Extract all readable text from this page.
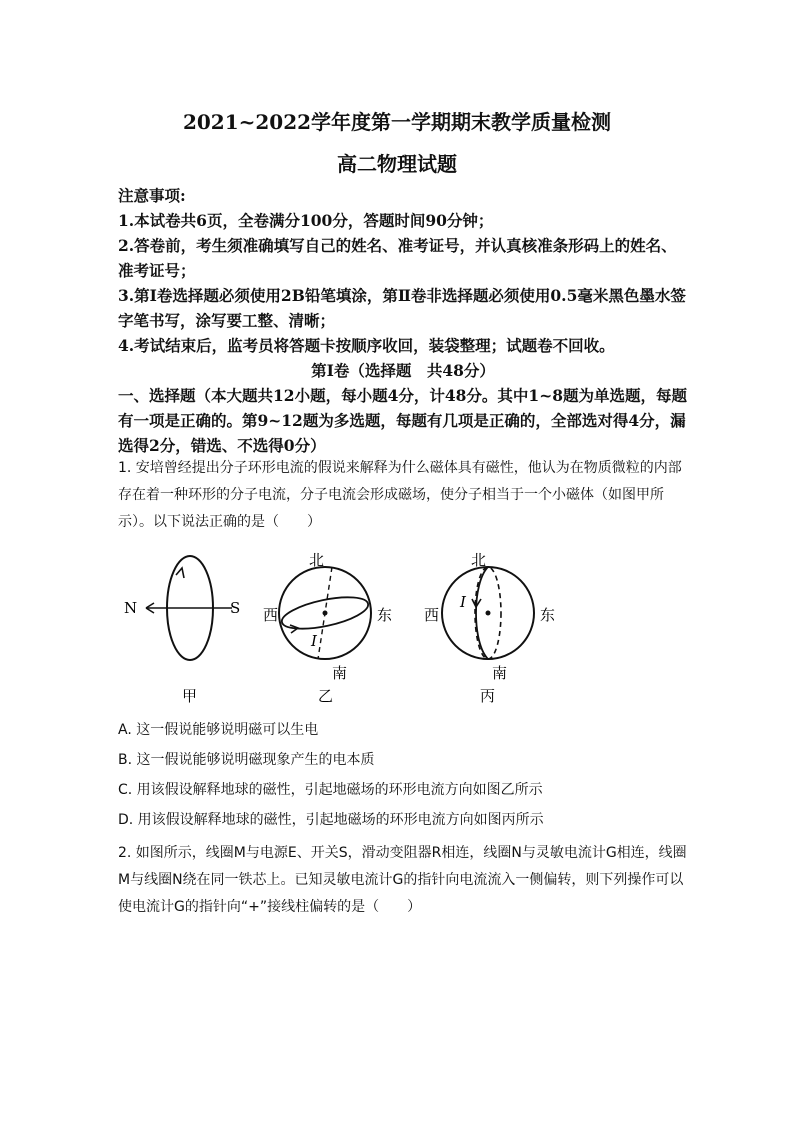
2021~2022学年度第一学期期末教学质量检测
高二物理试题
注意事项:
1.本试卷共6页，全卷满分100分，答题时间90分钟；
2.答卷前，考生须准确填写自己的姓名、准考证号，并认真核准条形码上的姓名、准考证号；
3.第Ⅰ卷选择题必须使用2B铅笔填涂，第Ⅱ卷非选择题必须使用0.5毫米黑色墨水签字笔书写，涂写要工整、清晰；
4.考试结束后，监考员将答题卡按顺序收回，装袋整理；试题卷不回收。
第Ⅰ卷（选择题　共48分）
一、选择题（本大题共12小题，每小题4分，计48分。其中1~8题为单选题，每题有一项是正确的。第9~12题为多选题，每题有几项是正确的，全部选对得4分，漏选得2分，错选、不选得0分）
1. 安培曾经提出分子环形电流的假说来解释为什么磁体具有磁性，他认为在物质微粒的内部存在着一种环形的分子电流，分子电流会形成磁场，使分子相当于一个小磁体（如图甲所示）。以下说法正确的是（　　）
N	S
甲
北
西	东
南
I
乙
北
西	东
南
I
丙
A. 这一假说能够说明磁可以生电
B. 这一假说能够说明磁现象产生的电本质
C. 用该假设解释地球的磁性，引起地磁场的环形电流方向如图乙所示
D. 用该假设解释地球的磁性，引起地磁场的环形电流方向如图丙所示
2. 如图所示，线圈M与电源E、开关S，滑动变阻器R相连，线圈N与灵敏电流计G相连，线圈M与线圈N绕在同一铁芯上。已知灵敏电流计G的指针向电流流入一侧偏转，则下列操作可以使电流计G的指针向“+”接线柱偏转的是（　　）
